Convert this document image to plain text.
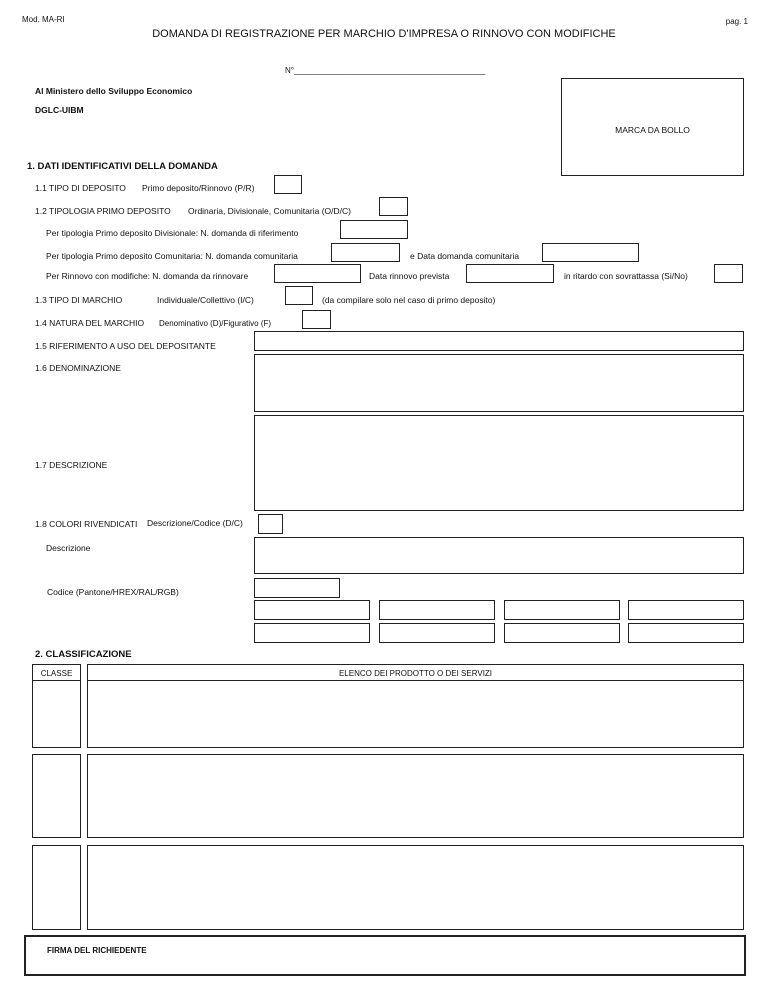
Mod. MA-RI	pag. 1
DOMANDA DI REGISTRAZIONE PER MARCHIO D'IMPRESA O RINNOVO CON MODIFICHE
N°___________________________________________
Al Ministero dello Sviluppo Economico
DGLC-UIBM
MARCA DA BOLLO
1. DATI IDENTIFICATIVI DELLA DOMANDA
1.1 TIPO DI DEPOSITO Primo deposito/Rinnovo (P/R)
1.2 TIPOLOGIA PRIMO DEPOSITO Ordinaria, Divisionale, Comunitaria (O/D/C)
Per tipologia Primo deposito Divisionale: N. domanda di riferimento
Per tipologia Primo deposito Comunitaria: N. domanda comunitaria	e Data domanda comunitaria
Per Rinnovo con modifiche: N. domanda da rinnovare	Data rinnovo prevista	in ritardo con sovrattassa (Si/No)
1.3 TIPO DI MARCHIO	Individuale/Collettivo (I/C)	(da compilare solo nel caso di primo deposito)
1.4 NATURA DEL MARCHIO Denominativo (D)/Figurativo (F)
1.5 RIFERIMENTO A USO DEL DEPOSITANTE
1.6 DENOMINAZIONE
1.7 DESCRIZIONE
1.8 COLORI RIVENDICATI Descrizione/Codice (D/C)
Descrizione
Codice (Pantone/HREX/RAL/RGB)
2. CLASSIFICAZIONE
CLASSE	ELENCO DEI PRODOTTO O DEI SERVIZI
FIRMA DEL RICHIEDENTE
